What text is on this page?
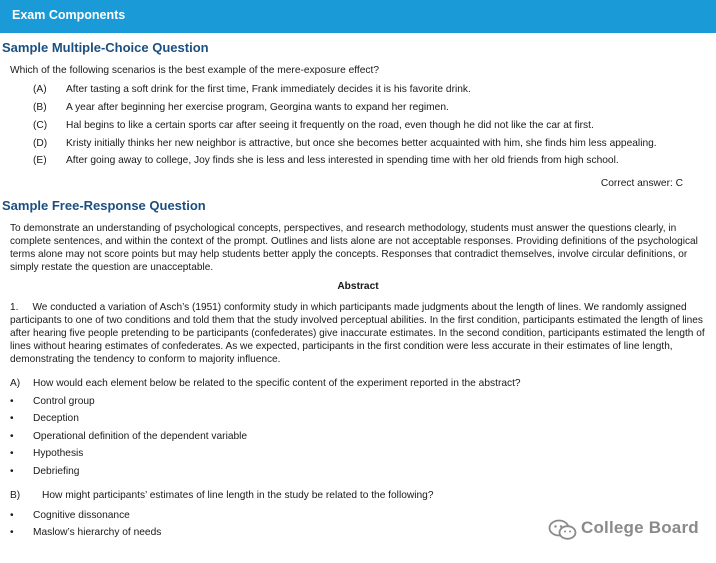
Exam Components
Sample Multiple-Choice Question
Which of the following scenarios is the best example of the mere-exposure effect?
(A) After tasting a soft drink for the first time, Frank immediately decides it is his favorite drink.
(B) A year after beginning her exercise program, Georgina wants to expand her regimen.
(C) Hal begins to like a certain sports car after seeing it frequently on the road, even though he did not like the car at first.
(D) Kristy initially thinks her new neighbor is attractive, but once she becomes better acquainted with him, she finds him less appealing.
(E) After going away to college, Joy finds she is less and less interested in spending time with her old friends from high school.
Correct answer: C
Sample Free-Response Question
To demonstrate an understanding of psychological concepts, perspectives, and research methodology, students must answer the questions clearly, in complete sentences, and within the context of the prompt. Outlines and lists alone are not acceptable responses. Providing definitions of the psychological terms alone may not score points but may help students better apply the concepts. Responses that contradict themselves, involve circular definitions, or simply restate the question are unacceptable.
Abstract
1.     We conducted a variation of Asch’s (1951) conformity study in which participants made judgments about the length of lines. We randomly assigned participants to one of two conditions and told them that the study involved perceptual abilities. In the first condition, participants estimated the length of lines after hearing five people pretending to be participants (confederates) give inaccurate estimates. In the second condition, participants estimated the length of lines without hearing estimates of confederates. As we expected, participants in the first condition were less accurate in their estimates of line length, demonstrating the tendency to conform to majority influence.
A) How would each element below be related to the specific content of the experiment reported in the abstract?
• Control group
• Deception
• Operational definition of the dependent variable
• Hypothesis
• Debriefing
B) How might participants’ estimates of line length in the study be related to the following?
• Cognitive dissonance
• Maslow’s hierarchy of needs	College Board
